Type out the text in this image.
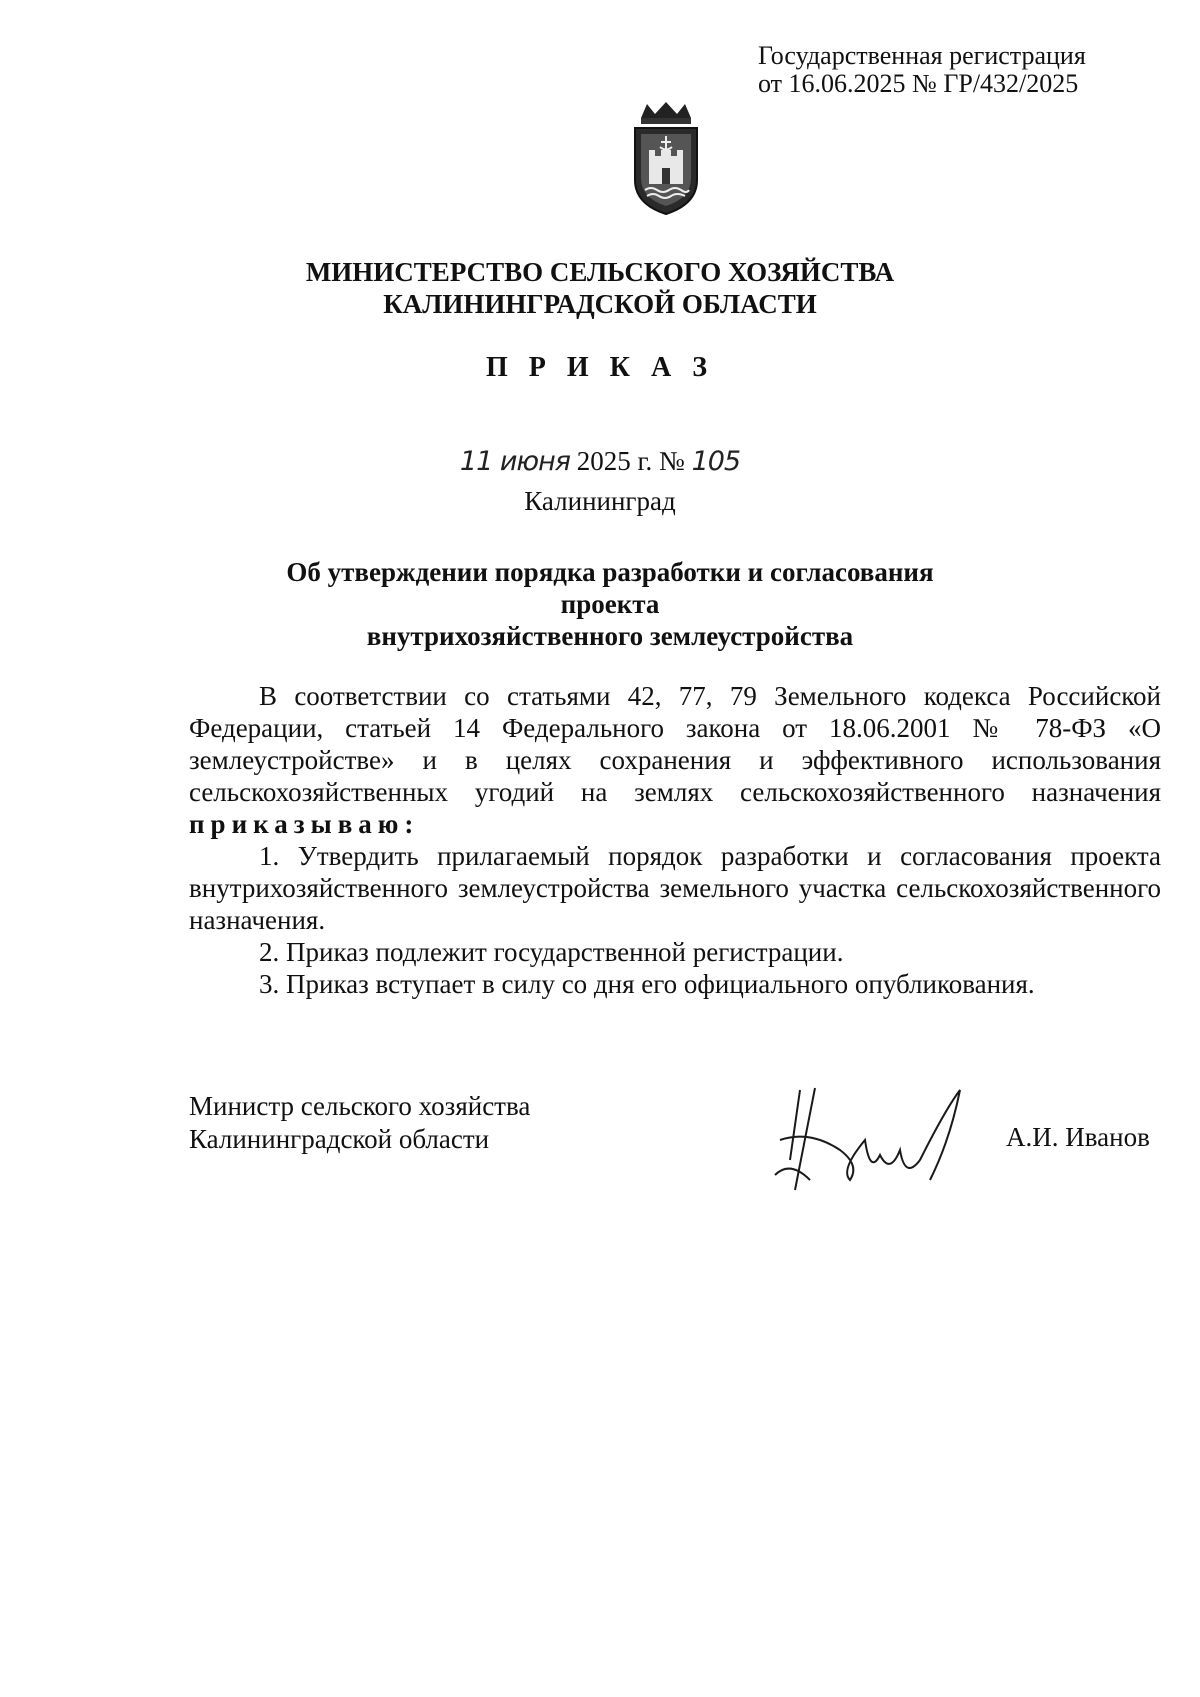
Государственная регистрация
от 16.06.2025 № ГР/432/2025
МИНИСТЕРСТВО СЕЛЬСКОГО ХОЗЯЙСТВА
КАЛИНИНГРАДСКОЙ ОБЛАСТИ
П Р И К А З
11 июня 2025 г. № 105
Калининград
Об утверждении порядка разработки и согласования проекта
внутрихозяйственного землеустройства

В соответствии со статьями 42, 77, 79 Земельного кодекса Российской Федерации, статьей 14 Федерального закона от 18.06.2001 № 78-ФЗ «О землеустройстве» и в целях сохранения и эффективного использования сельскохозяйственных угодий на землях сельскохозяйственного назначения приказываю:

1. Утвердить прилагаемый порядок разработки и согласования проекта внутрихозяйственного землеустройства земельного участка сельскохозяйственного назначения.

2. Приказ подлежит государственной регистрации.

3. Приказ вступает в силу со дня его официального опубликования.

Министр сельского хозяйства
Калининградской области	А.И. Иванов
